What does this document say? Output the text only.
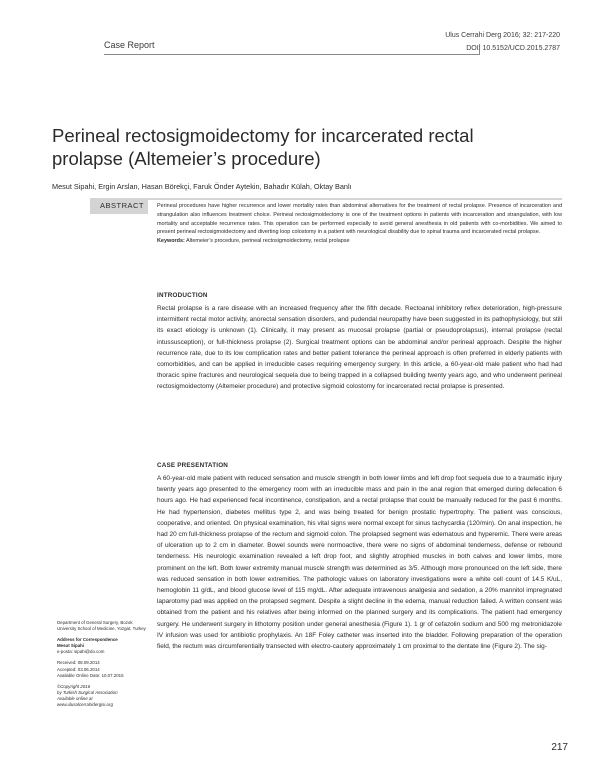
Case Report
Ulus Cerrahi Derg 2016; 32: 217-220
DOI: 10.5152/UCD.2015.2787
Perineal rectosigmoidectomy for incarcerated rectal prolapse (Altemeier’s procedure)
Mesut Sipahi, Ergin Arslan, Hasan Börekçi, Faruk Önder Aytekin, Bahadır Külah, Oktay Banlı
ABSTRACT	Perineal procedures have higher recurrence and lower mortality rates than abdominal alternatives for the treatment of rectal prolapse. Presence of incarceration and strangulation also influences treatment choice. Perineal rectosigmoidectomy is one of the treatment options in patients with incarceration and strangulation, with low mortality and acceptable recurrence rates. This operation can be performed especially to avoid general anesthesia in old patients with co-morbidities. We aimed to present perineal rectosigmoidectomy and diverting loop colostomy in a patient with neurological disability due to spinal trauma and incarcerated rectal prolapse.
Keywords: Altemeier’s procedure, perineal rectosigmoidectomy, rectal prolapse
INTRODUCTION
Rectal prolapse is a rare disease with an increased frequency after the fifth decade. Rectoanal inhibitory reflex deterioration, high-pressure intermittent rectal motor activity, anorectal sensation disorders, and pudendal neuropathy have been suggested in its pathophysiology, but still its exact etiology is unknown (1). Clinically, it may present as mucosal prolapse (partial or pseudoprolapsus), internal prolapse (rectal intussusception), or full-thickness prolapse (2). Surgical treatment options can be abdominal and/or perineal approach. Despite the higher recurrence rate, due to its low complication rates and better patient tolerance the perineal approach is often preferred in elderly patients with comorbidities, and can be applied in irreducible cases requiring emergency surgery. In this article, a 60-year-old male patient who had had thoracic spine fractures and neurological sequela due to being trapped in a collapsed building twenty years ago, and who underwent perineal rectosigmoidectomy (Altemeier procedure) and protective sigmoid colostomy for incarcerated rectal prolapse is presented.
CASE PRESENTATION
A 60-year-old male patient with reduced sensation and muscle strength in both lower limbs and left drop foot sequela due to a traumatic injury twenty years ago presented to the emergency room with an irreducible mass and pain in the anal region that emerged during defecation 6 hours ago. He had experienced fecal incontinence, constipation, and a rectal prolapse that could be manually reduced for the past 6 months. He had hypertension, diabetes mellitus type 2, and was being treated for benign prostatic hypertrophy. The patient was conscious, cooperative, and oriented. On physical examination, his vital signs were normal except for sinus tachycardia (120/min). On anal inspection, he had 20 cm full-thickness prolapse of the rectum and sigmoid colon. The prolapsed segment was edematous and hyperemic. There were areas of ulceration up to 2 cm in diameter. Bowel sounds were normoactive, there were no signs of abdominal tenderness, defense or rebound tenderness. His neurologic examination revealed a left drop foot, and slightly atrophied muscles in both calves and lower limbs, more prominent on the left. Both lower extremity manual muscle strength was determined as 3/5. Although more pronounced on the left side, there was reduced sensation in both lower extremities. The pathologic values on laboratory investigations were a white cell count of 14.5 K/uL, hemoglobin 11 g/dL, and blood glucose level of 115 mg/dL. After adequate intravenous analgesia and sedation, a 20% mannitol impregnated laparotomy pad was applied on the prolapsed segment. Despite a slight decline in the edema, manual reduction failed. A written consent was obtained from the patient and his relatives after being informed on the planned surgery and its complications. The patient had emergency surgery. He underwent surgery in lithotomy position under general anesthesia (Figure 1). 1 gr of cefazolin sodium and 500 mg metronidazole IV infusion was used for antibiotic prophylaxis. An 18F Foley catheter was inserted into the bladder. Following preparation of the operation field, the rectum was circumferentially transected with electro-cautery approximately 1 cm proximal to the dentate line (Figure 2). The sig-
Department of General Surgery, Bozok University School of Medicine, Yozgat, Turkey
Address for Correspondence
Mesut Sipahi
e-posta: sipahi@do.com
Received: 08.09.2014
Accepted: 03.06.2014
Available Online Date: 10.07.2015
©Copyright 2016
by Turkish Surgical Association
Available online at
www.ulusalcerrahidergisi.org
217
